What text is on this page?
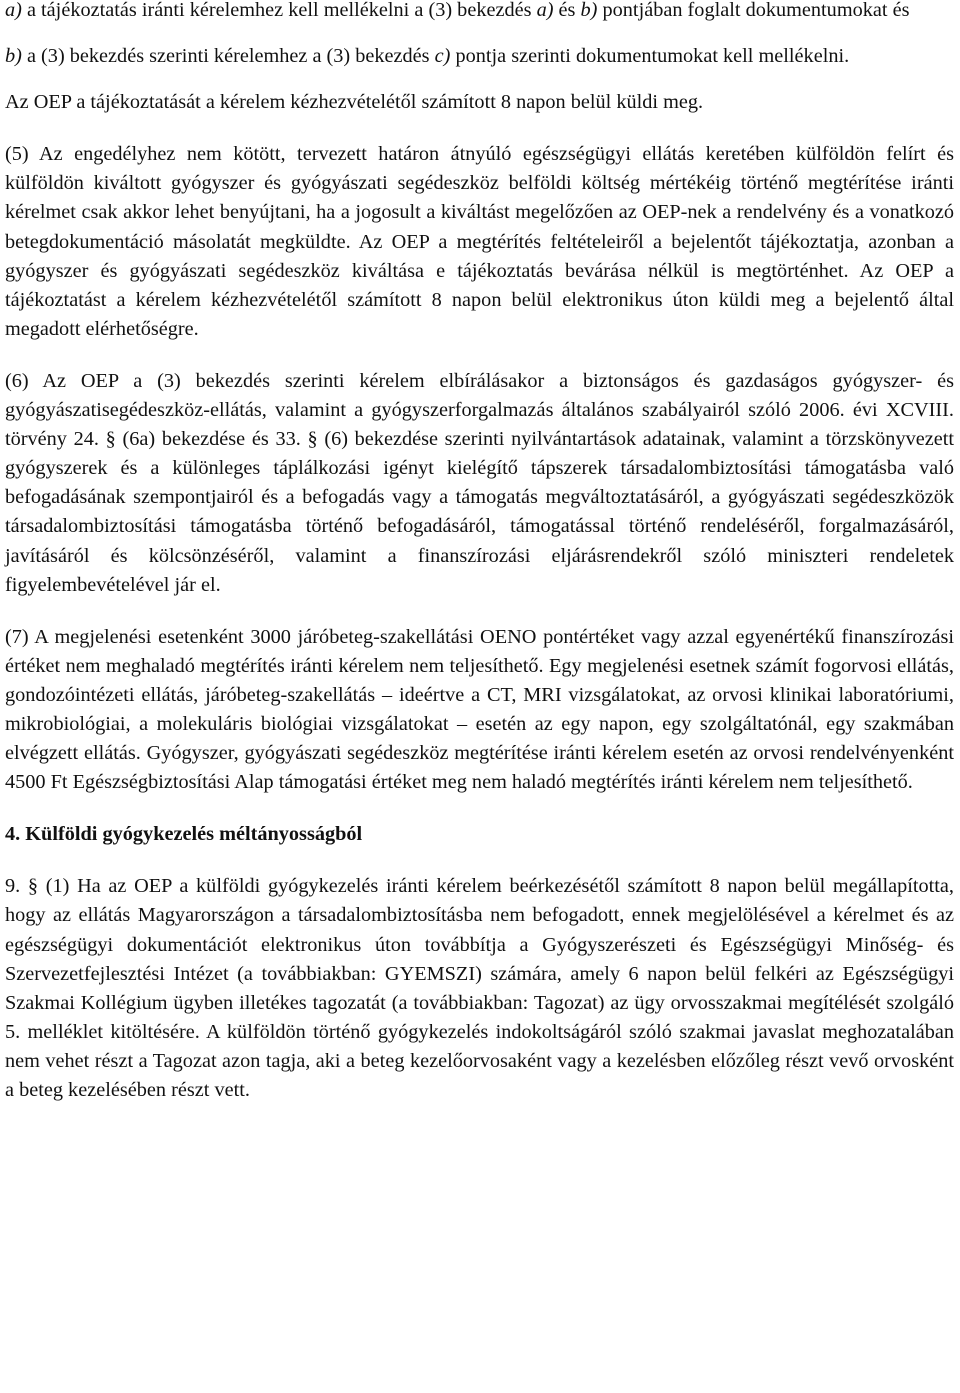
a) a tájékoztatás iránti kérelemhez kell mellékelni a (3) bekezdés a) és b) pontjában foglalt dokumentumokat és

b) a (3) bekezdés szerinti kérelemhez a (3) bekezdés c) pontja szerinti dokumentumokat kell mellékelni.

Az OEP a tájékoztatását a kérelem kézhezvételétől számított 8 napon belül küldi meg.

(5) Az engedélyhez nem kötött, tervezett határon átnyúló egészségügyi ellátás keretében külföldön felírt és külföldön kiváltott gyógyszer és gyógyászati segédeszköz belföldi költség mértékéig történő megtérítése iránti kérelmet csak akkor lehet benyújtani, ha a jogosult a kiváltást megelőzően az OEP-nek a rendelvény és a vonatkozó betegdokumentáció másolatát megküldte. Az OEP a megtérítés feltételeiről a bejelentőt tájékoztatja, azonban a gyógyszer és gyógyászati segédeszköz kiváltása e tájékoztatás bevárása nélkül is megtörténhet. Az OEP a tájékoztatást a kérelem kézhezvételétől számított 8 napon belül elektronikus úton küldi meg a bejelentő által megadott elérhetőségre.

(6) Az OEP a (3) bekezdés szerinti kérelem elbírálásakor a biztonságos és gazdaságos gyógyszer- és gyógyászatisegédeszköz-ellátás, valamint a gyógyszerforgalmazás általános szabályairól szóló 2006. évi XCVIII. törvény 24. § (6a) bekezdése és 33. § (6) bekezdése szerinti nyilvántartások adatainak, valamint a törzskönyvezett gyógyszerek és a különleges táplálkozási igényt kielégítő tápszerek társadalombiztosítási támogatásba való befogadásának szempontjairól és a befogadás vagy a támogatás megváltoztatásáról, a gyógyászati segédeszközök társadalombiztosítási támogatásba történő befogadásáról, támogatással történő rendeléséről, forgalmazásáról, javításáról és kölcsönzéséről, valamint a finanszírozási eljárásrendekről szóló miniszteri rendeletek figyelembevételével jár el.

(7) A megjelenési esetenként 3000 járóbeteg-szakellátási OENO pontértéket vagy azzal egyenértékű finanszírozási értéket nem meghaladó megtérítés iránti kérelem nem teljesíthető. Egy megjelenési esetnek számít fogorvosi ellátás, gondozóintézeti ellátás, járóbeteg-szakellátás – ideértve a CT, MRI vizsgálatokat, az orvosi klinikai laboratóriumi, mikrobiológiai, a molekuláris biológiai vizsgálatokat – esetén az egy napon, egy szolgáltatónál, egy szakmában elvégzett ellátás. Gyógyszer, gyógyászati segédeszköz megtérítése iránti kérelem esetén az orvosi rendelvényenként 4500 Ft Egészségbiztosítási Alap támogatási értéket meg nem haladó megtérítés iránti kérelem nem teljesíthető.

4. Külföldi gyógykezelés méltányosságból

9. § (1) Ha az OEP a külföldi gyógykezelés iránti kérelem beérkezésétől számított 8 napon belül megállapította, hogy az ellátás Magyarországon a társadalombiztosításba nem befogadott, ennek megjelölésével a kérelmet és az egészségügyi dokumentációt elektronikus úton továbbítja a Gyógyszerészeti és Egészségügyi Minőség- és Szervezetfejlesztési Intézet (a továbbiakban: GYEMSZI) számára, amely 6 napon belül felkéri az Egészségügyi Szakmai Kollégium ügyben illetékes tagozatát (a továbbiakban: Tagozat) az ügy orvosszakmai megítélését szolgáló 5. melléklet kitöltésére. A külföldön történő gyógykezelés indokoltságáról szóló szakmai javaslat meghozatalában nem vehet részt a Tagozat azon tagja, aki a beteg kezelőorvosaként vagy a kezelésben előzőleg részt vevő orvosként a beteg kezelésében részt vett.
